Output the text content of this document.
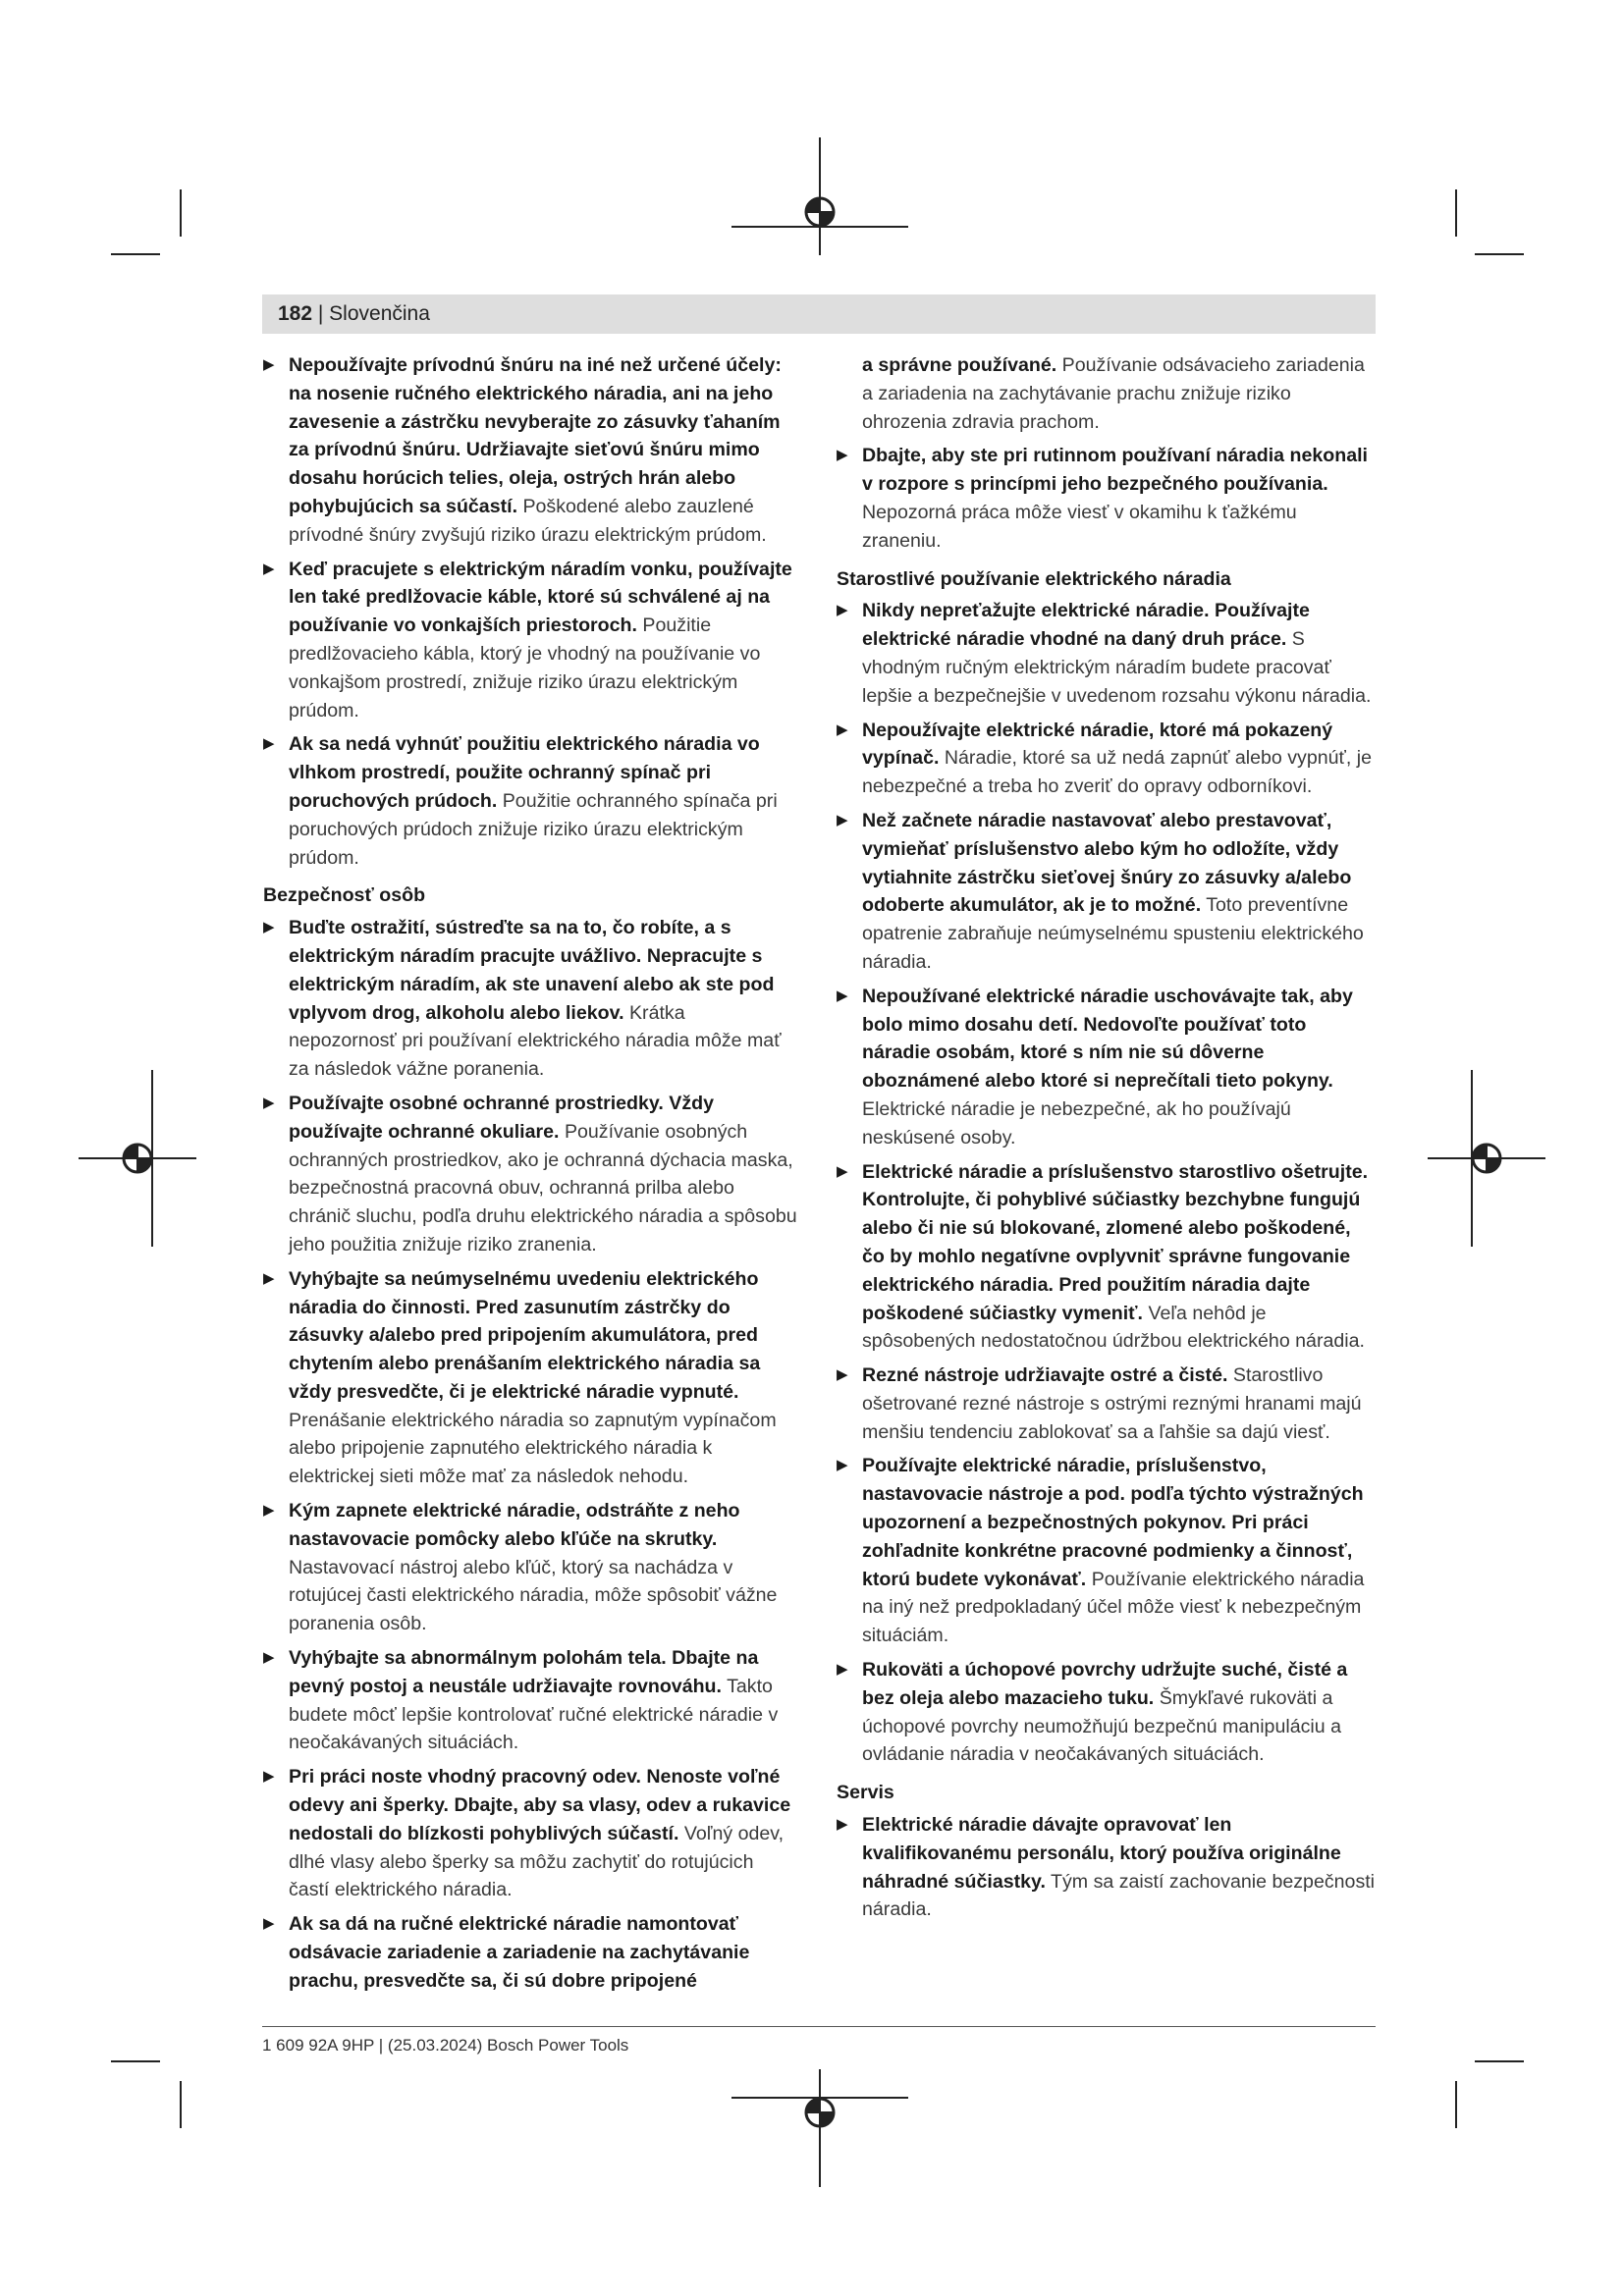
182 | Slovenčina
▶ Nepoužívajte prívodnú šnúru na iné než určené účely: na nosenie ručného elektrického náradia, ani na jeho zavesenie a zástrčku nevyberajte zo zásuvky ťahaním za prívodnú šnúru. Udržiavajte sieťovú šnúru mimo dosahu horúcich telies, oleja, ostrých hrán alebo pohybujúcich sa súčastí. Poškodené alebo zauzlené prívodné šnúry zvyšujú riziko úrazu elektrickým prúdom.
▶ Keď pracujete s elektrickým náradím vonku, používajte len také predlžovacie káble, ktoré sú schválené aj na používanie vo vonkajších priestoroch. Použitie predlžovacieho kábla, ktorý je vhodný na používanie vo vonkajšom prostredí, znižuje riziko úrazu elektrickým prúdom.
▶ Ak sa nedá vyhnúť použitiu elektrického náradia vo vlhkom prostredí, použite ochranný spínač pri poruchových prúdoch. Použitie ochranného spínača pri poruchových prúdoch znižuje riziko úrazu elektrickým prúdom.
Bezpečnosť osôb
▶ Buďte ostražití, sústreďte sa na to, čo robíte, a s elektrickým náradím pracujte uvážlivo. Nepracujte s elektrickým náradím, ak ste unavení alebo ak ste pod vplyvom drog, alkoholu alebo liekov. Krátka nepozornosť pri používaní elektrického náradia môže mať za následok vážne poranenia.
▶ Používajte osobné ochranné prostriedky. Vždy používajte ochranné okuliare. Používanie osobných ochranných prostriedkov, ako je ochranná dýchacia maska, bezpečnostná pracovná obuv, ochranná prilba alebo chránič sluchu, podľa druhu elektrického náradia a spôsobu jeho použitia znižuje riziko zranenia.
▶ Vyhýbajte sa neúmyselnému uvedeniu elektrického náradia do činnosti. Pred zasunutím zástrčky do zásuvky a/alebo pred pripojením akumulátora, pred chytením alebo prenášaním elektrického náradia sa vždy presvedčte, či je elektrické náradie vypnuté. Prenášanie elektrického náradia so zapnutým vypínačom alebo pripojenie zapnutého elektrického náradia k elektrickej sieti môže mať za následok nehodu.
▶ Kým zapnete elektrické náradie, odstráňte z neho nastavovacie pomôcky alebo kľúče na skrutky. Nastavovací nástroj alebo kľúč, ktorý sa nachádza v rotujúcej časti elektrického náradia, môže spôsobiť vážne poranenia osôb.
▶ Vyhýbajte sa abnormálnym polohám tela. Dbajte na pevný postoj a neustále udržiavajte rovnováhu. Takto budete môcť lepšie kontrolovať ručné elektrické náradie v neočakávaných situáciách.
▶ Pri práci noste vhodný pracovný odev. Nenoste voľné odevy ani šperky. Dbajte, aby sa vlasy, odev a rukavice nedostali do blízkosti pohyblivých súčastí. Voľný odev, dlhé vlasy alebo šperky sa môžu zachytiť do rotujúcich častí elektrického náradia.
▶ Ak sa dá na ručné elektrické náradie namontovať odsávacie zariadenie a zariadenie na zachytávanie prachu, presvedčte sa, či sú dobre pripojené
a správne používané. Používanie odsávacieho zariadenia a zariadenia na zachytávanie prachu znižuje riziko ohrozenia zdravia prachom.
▶ Dbajte, aby ste pri rutinnom používaní náradia nekonali v rozpore s princípmi jeho bezpečného používania. Nepozorná práca môže viesť v okamihu k ťažkému zraneniu.
Starostlivé používanie elektrického náradia
▶ Nikdy nepreťažujte elektrické náradie. Používajte elektrické náradie vhodné na daný druh práce. S vhodným ručným elektrickým náradím budete pracovať lepšie a bezpečnejšie v uvedenom rozsahu výkonu náradia.
▶ Nepoužívajte elektrické náradie, ktoré má pokazený vypínač. Náradie, ktoré sa už nedá zapnúť alebo vypnúť, je nebezpečné a treba ho zveriť do opravy odborníkovi.
▶ Než začnete náradie nastavovať alebo prestavovať, vymieňať príslušenstvo alebo kým ho odložíte, vždy vytiahnite zástrčku sieťovej šnúry zo zásuvky a/alebo odoberte akumulátor, ak je to možné. Toto preventívne opatrenie zabraňuje neúmyselnému spusteniu elektrického náradia.
▶ Nepoužívané elektrické náradie uschovávajte tak, aby bolo mimo dosahu detí. Nedovoľte používať toto náradie osobám, ktoré s ním nie sú dôverne oboznámené alebo ktoré si neprečítali tieto pokyny. Elektrické náradie je nebezpečné, ak ho používajú neskúsené osoby.
▶ Elektrické náradie a príslušenstvo starostlivo ošetrujte. Kontrolujte, či pohyblivé súčiastky bezchybne fungujú alebo či nie sú blokované, zlomené alebo poškodené, čo by mohlo negatívne ovplyvniť správne fungovanie elektrického náradia. Pred použitím náradia dajte poškodené súčiastky vymeniť. Veľa nehôd je spôsobených nedostatočnou údržbou elektrického náradia.
▶ Rezné nástroje udržiavajte ostré a čisté. Starostlivo ošetrované rezné nástroje s ostrými reznými hranami majú menšiu tendenciu zablokovať sa a ľahšie sa dajú viesť.
▶ Používajte elektrické náradie, príslušenstvo, nastavovacie nástroje a pod. podľa týchto výstražných upozornení a bezpečnostných pokynov. Pri práci zohľadnite konkrétne pracovné podmienky a činnosť, ktorú budete vykonávať. Používanie elektrického náradia na iný než predpokladaný účel môže viesť k nebezpečným situáciám.
▶ Rukoväti a úchopové povrchy udržujte suché, čisté a bez oleja alebo mazacieho tuku. Šmykľavé rukoväti a úchopové povrchy neumožňujú bezpečnú manipuláciu a ovládanie náradia v neočakávaných situáciách.
Servis
▶ Elektrické náradie dávajte opravovať len kvalifikovanému personálu, ktorý používa originálne náhradné súčiastky. Tým sa zaistí zachovanie bezpečnosti náradia.
1 609 92A 9HP | (25.03.2024) Bosch Power Tools
